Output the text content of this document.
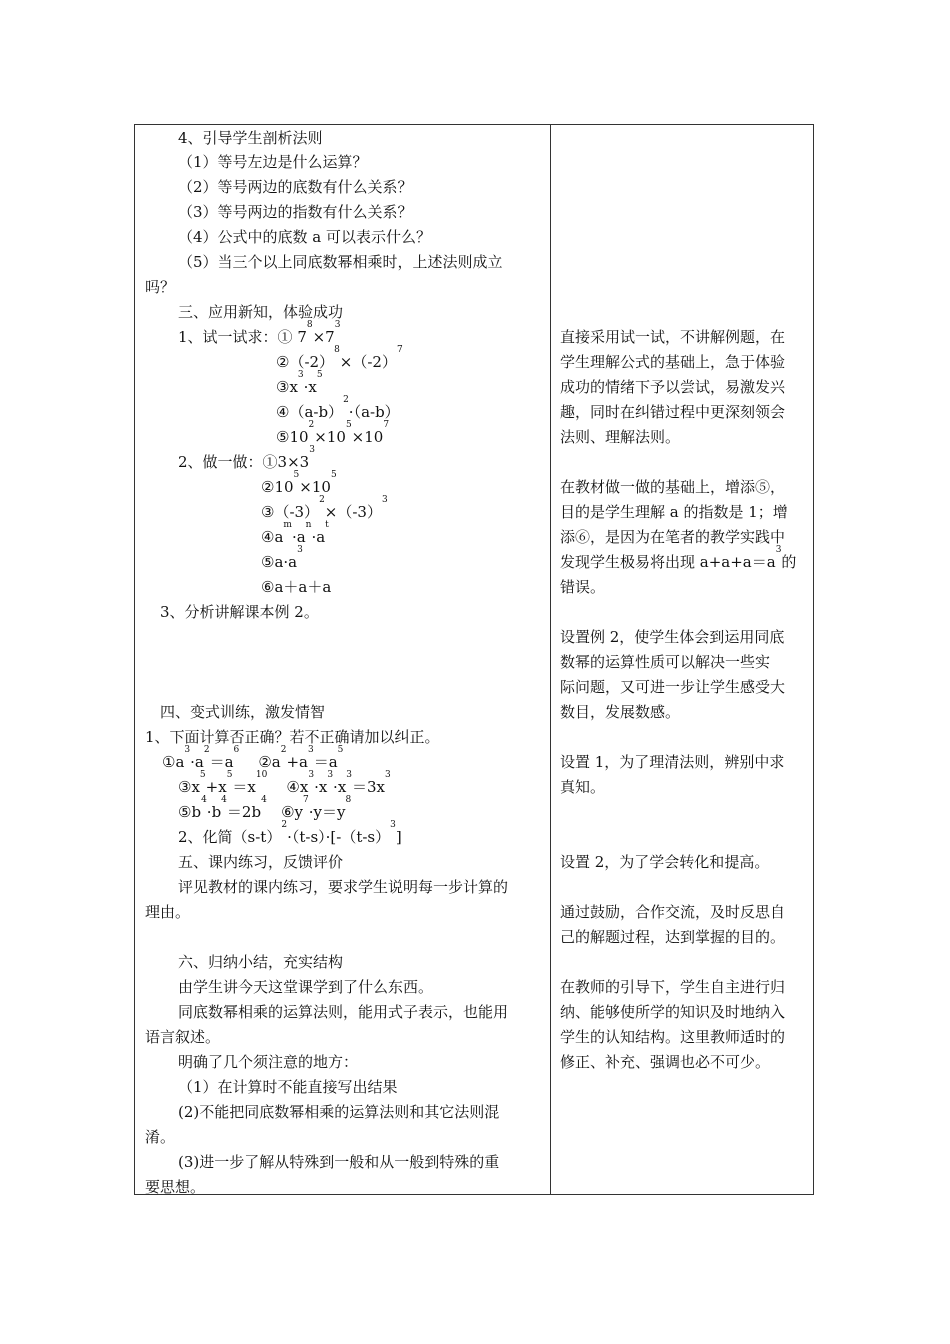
4、引导学生剖析法则
（1）等号左边是什么运算？
（2）等号两边的底数有什么关系？
（3）等号两边的指数有什么关系？
（4）公式中的底数 a 可以表示什么？
（5）当三个以上同底数幂相乘时，上述法则成立
吗？
三、应用新知，体验成功
1、试一试求：① $7^8\times 7^3$
$②(-2)^8\times(-2)^7$
$③x^3\cdot x^5$
$④(a-b)^2\cdot(a-b)$
$⑤10^2\times 10^5\times 10^7$
2、做一做：$①3\times 3^3$
$②10^5\times 10^5$
$③(-3)^2\times(-3)^3$
$④a^m\cdot a^n\cdot a^t$
$⑤a\cdot a^3$
⑥a＋a＋a
3、分析讲解课本例 2。
四、变式训练，激发情智
1、下面计算否正确？若不正确请加以纠正。
$①a^3\cdot a^2=a^6$    $②a^2+a^3=a^5$
$③x^5+x^5=x^{10}$    $④x^3\cdot x^3\cdot x^3=3x^3$
$⑤b^4\cdot b^4=2b^4$   $⑥y^7\cdot y=y^8$
2、化简$(s-t)^2\cdot(t-s)\cdot[-(t-s)^3]$
五、课内练习，反馈评价
评见教材的课内练习，要求学生说明每一步计算的
理由。
六、归纳小结，充实结构
由学生讲今天这堂课学到了什么东西。
同底数幂相乘的运算法则，能用式子表示，也能用
语言叙述。
明确了几个须注意的地方：
（1）在计算时不能直接写出结果
(2)不能把同底数幂相乘的运算法则和其它法则混
淆。
(3)进一步了解从特殊到一般和从一般到特殊的重
要思想。
直接采用试一试，不讲解例题，在
学生理解公式的基础上，急于体验
成功的情绪下予以尝试，易激发兴
趣，同时在纠错过程中更深刻领会
法则、理解法则。
在教材做一做的基础上，增添⑤，
目的是学生理解 a 的指数是 1；增
添⑥，是因为在笔者的教学实践中
发现学生极易将出现 $a+a+a=a^3$的
错误。
设置例 2，使学生体会到运用同底
数幂的运算性质可以解决一些实
际问题，又可进一步让学生感受大
数目，发展数感。
设置 1，为了理清法则，辨别中求
真知。
设置 2，为了学会转化和提高。
通过鼓励，合作交流，及时反思自
己的解题过程，达到掌握的目的。
在教师的引导下，学生自主进行归
纳、能够使所学的知识及时地纳入
学生的认知结构。这里教师适时的
修正、补充、强调也必不可少。
